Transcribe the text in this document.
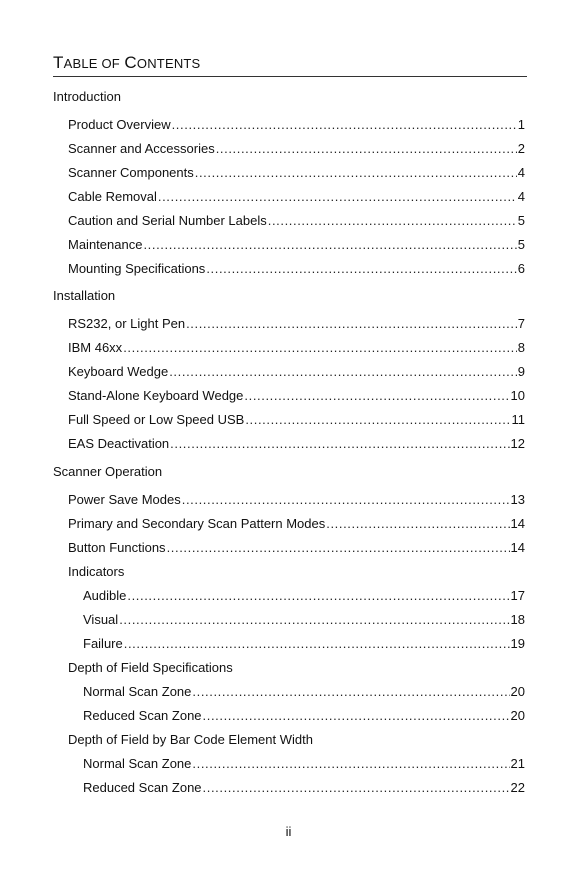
TABLE OF CONTENTS
Introduction
Product Overview .....	1
Scanner and Accessories .....	2
Scanner Components .....	4
Cable Removal .....	4
Caution and Serial Number Labels .....	5
Maintenance .....	5
Mounting Specifications .....	6
Installation
RS232, or Light Pen .....	7
IBM 46xx .....	8
Keyboard Wedge .....	9
Stand-Alone Keyboard Wedge .....	10
Full Speed or Low Speed USB .....	11
EAS Deactivation .....	12
Scanner Operation
Power Save Modes .....	13
Primary and Secondary Scan Pattern Modes .....	14
Button Functions .....	14
Indicators
Audible .....	17
Visual .....	18
Failure .....	19
Depth of Field Specifications
Normal Scan Zone .....	20
Reduced Scan Zone .....	20
Depth of Field by Bar Code Element Width
Normal Scan Zone .....	21
Reduced Scan Zone .....	22
ii
